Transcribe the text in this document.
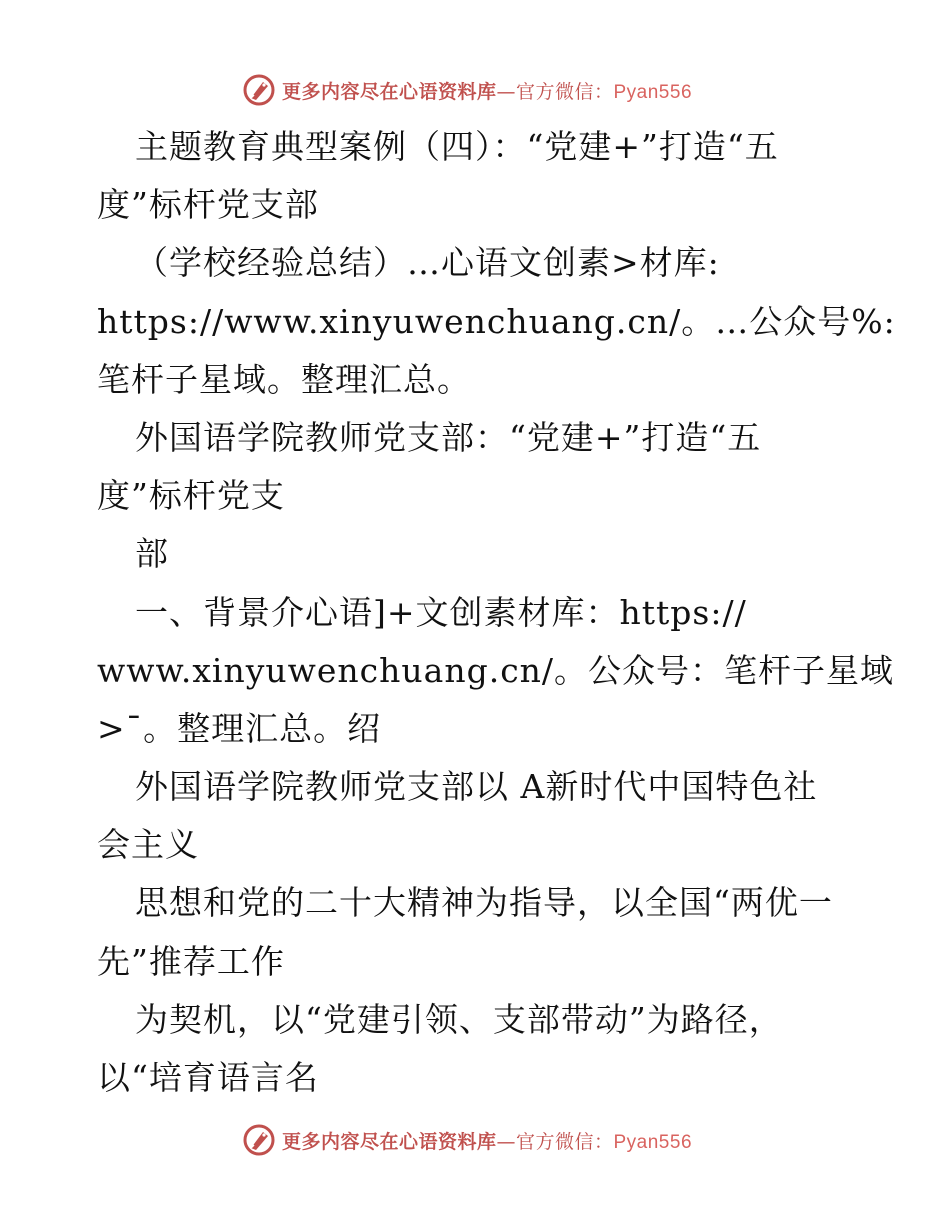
更多内容尽在心语资料库—官方微信：Pyan556
主题教育典型案例（四）：“党建+”打造“五
度”标杆党支部
（学校经验总结）…心语文创素>材库:
https://www.xinyuwenchuang.cn/。…公众号%:
笔杆子星域。整理汇总。
外国语学院教师党支部：“党建+”打造“五
度”标杆党支
部
一、背景介心语]+文创素材库：https://
www.xinyuwenchuang.cn/。公众号：笔杆子星域
>¯。整理汇总。绍
外国语学院教师党支部以 A新时代中国特色社
会主义
思想和党的二十大精神为指导，以全国“两优一
先”推荐工作
为契机，以“党建引领、支部带动”为路径，
以“培育语言名
更多内容尽在心语资料库—官方微信：Pyan556
